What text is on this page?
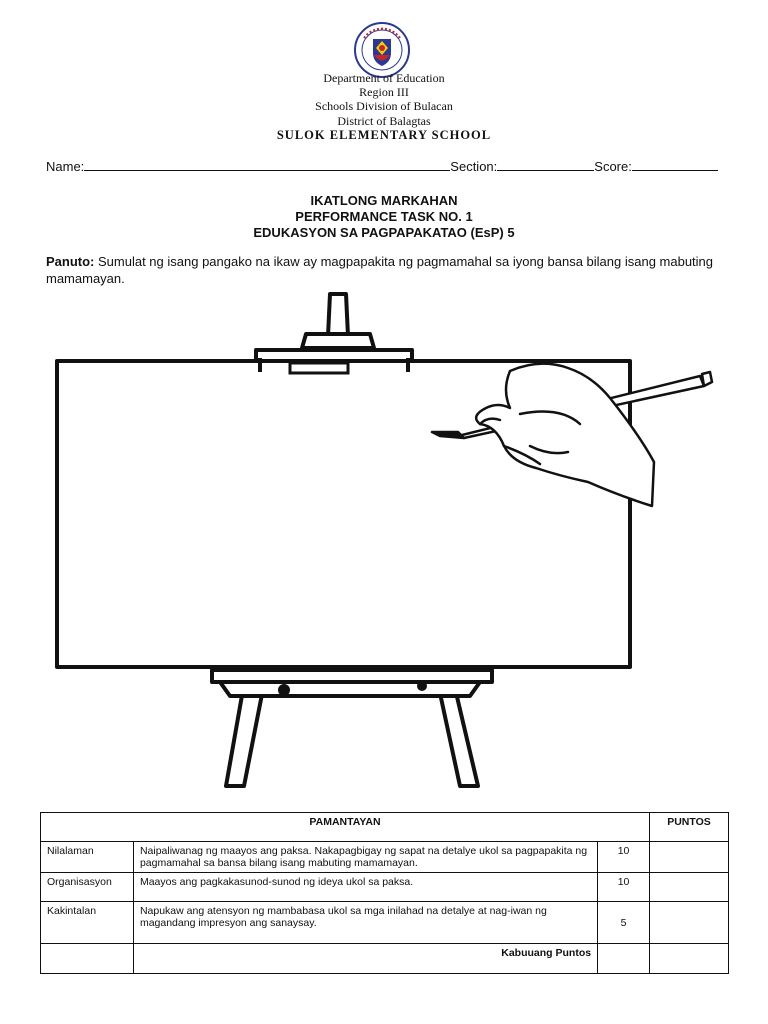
Department of Education
Region III
Schools Division of Bulacan
District of Balagtas
SULOK ELEMENTARY SCHOOL
Name:	Section:	Score:
IKATLONG MARKAHAN
PERFORMANCE TASK NO. 1
EDUKASYON SA PAGPAPAKATAO (EsP) 5
Panuto: Sumulat ng isang pangako na ikaw ay magpapakita ng pagmamahal sa iyong bansa bilang isang mabuting mamamayan.
PAMANTAYAN			PUNTOS
Nilalaman	Naipaliwanag ng maayos ang paksa. Nakapagbigay ng sapat na detalye ukol sa pagpapakita ng pagmamahal sa bansa bilang isang mabuting mamamayan.	10	
Organisasyon	Maayos ang pagkakasunod-sunod ng ideya ukol sa paksa.	10	
Kakintalan	Napukaw ang atensyon ng mambabasa ukol sa mga inilahad na detalye at nag-iwan ng magandang impresyon ang sanaysay.	5	
	Kabuuang Puntos		
